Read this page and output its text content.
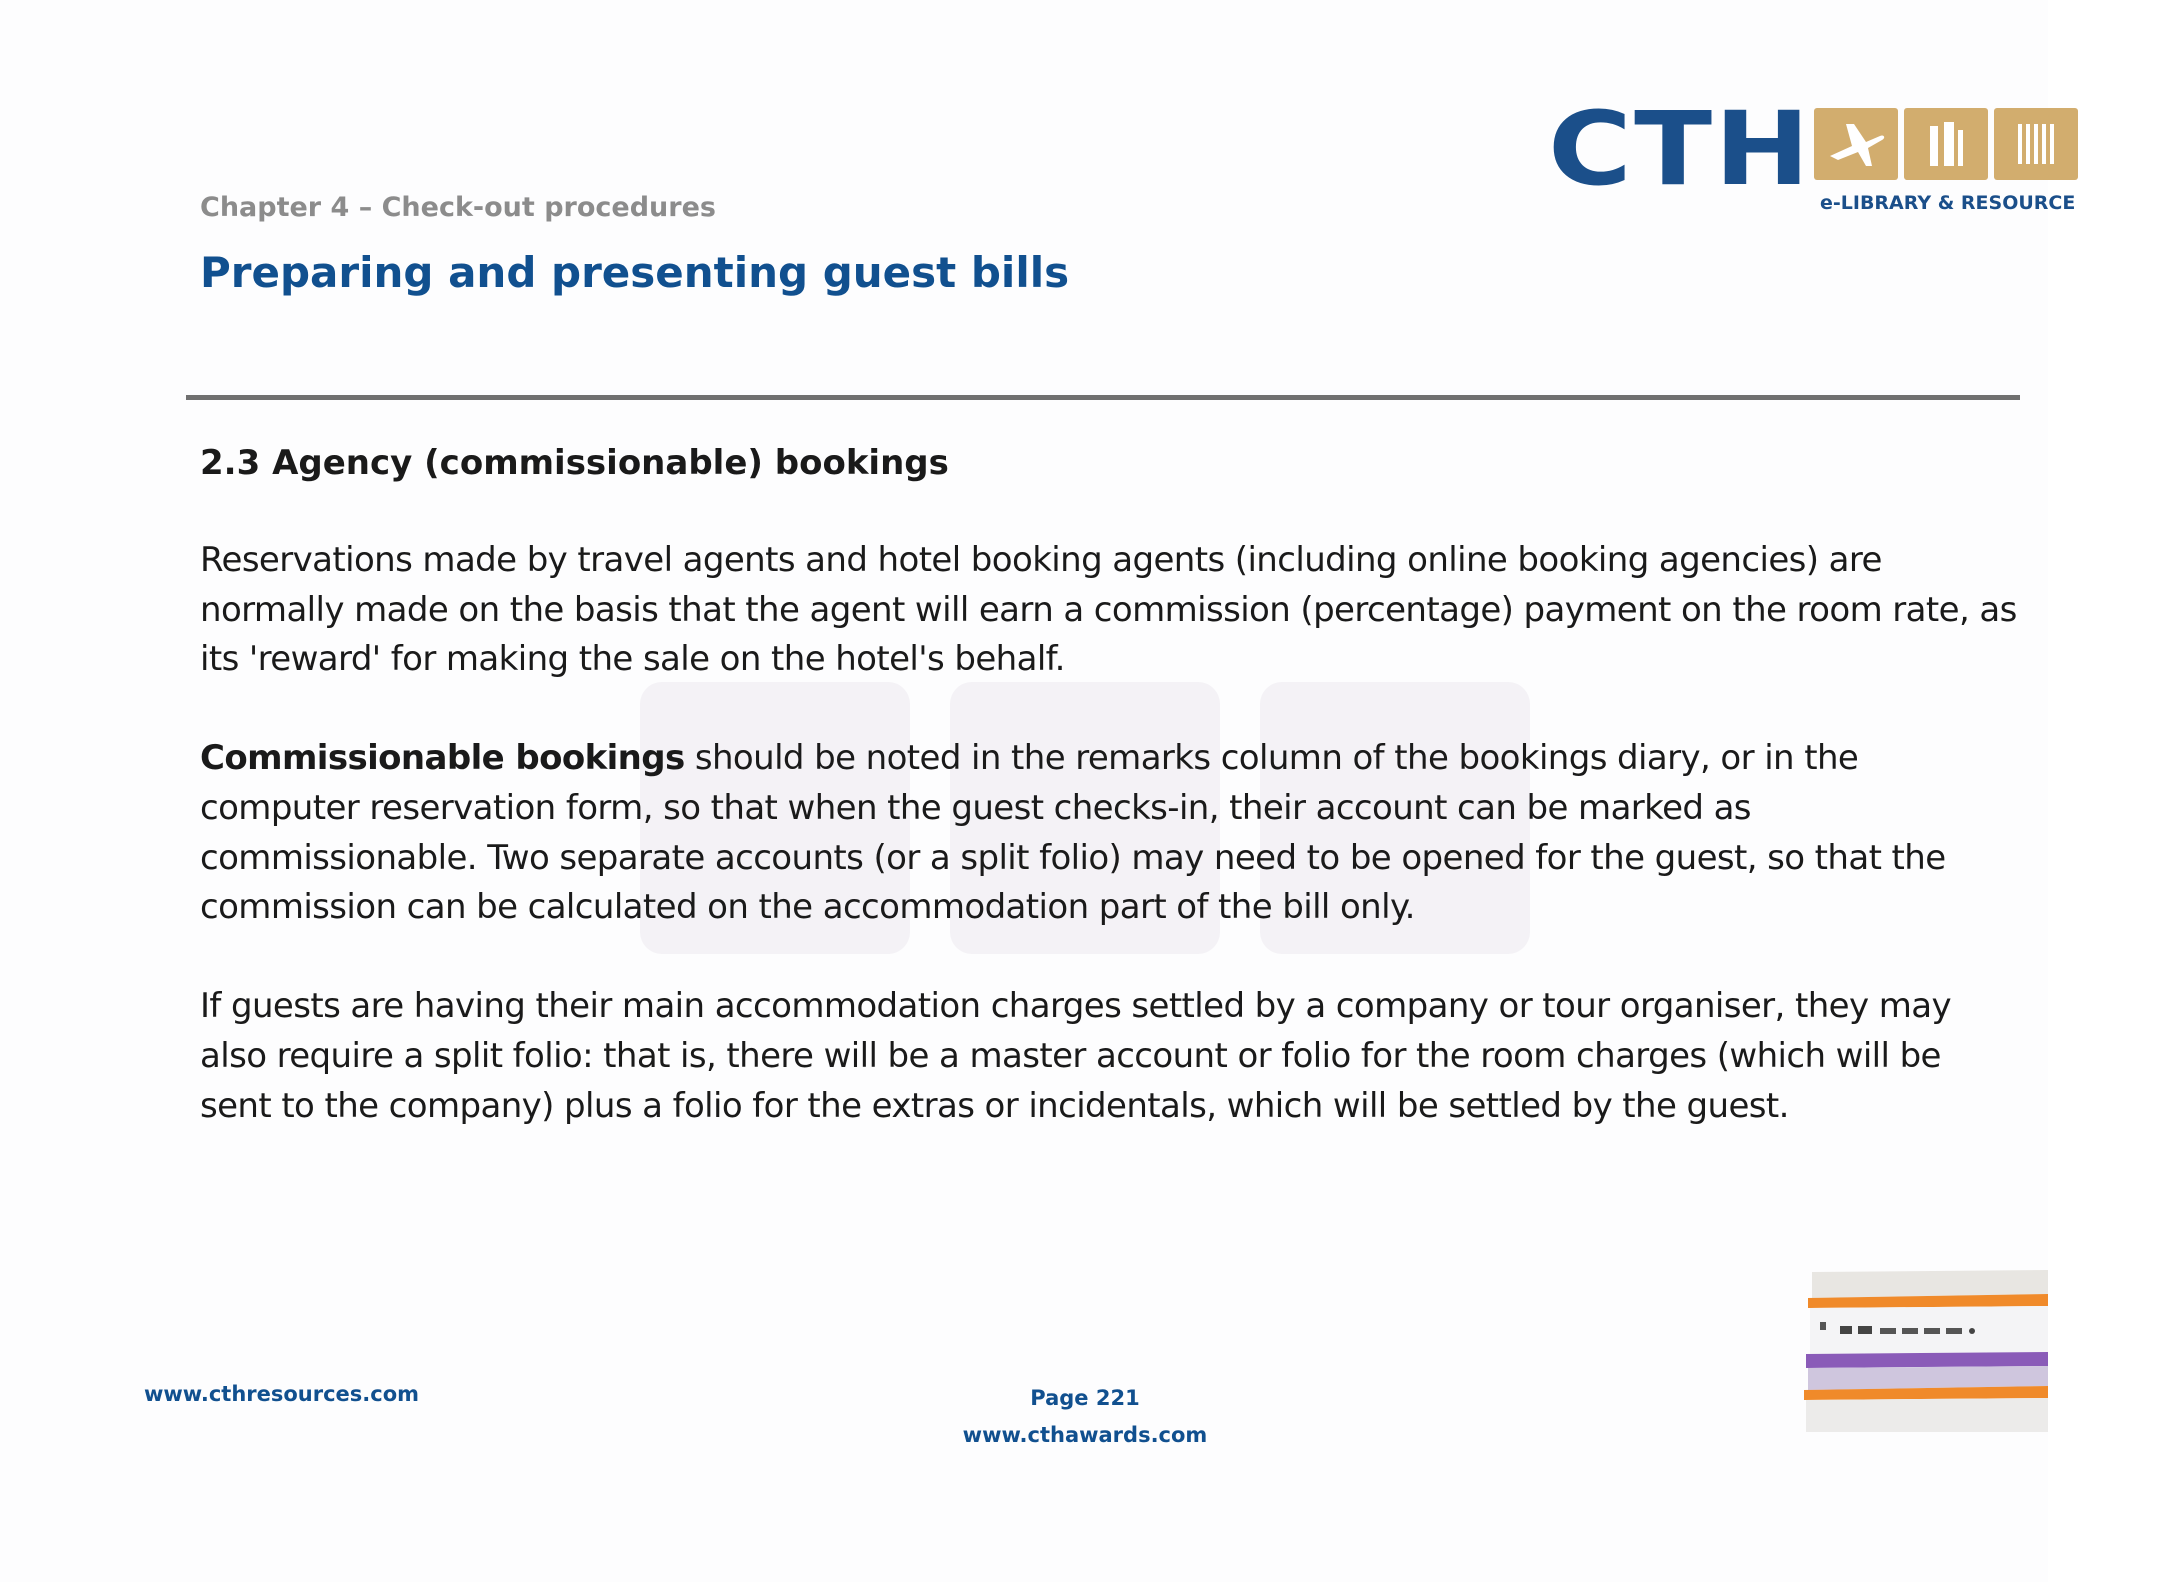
CTH e-LIBRARY & RESOURCE
Chapter 4 – Check-out procedures
Preparing and presenting guest bills
2.3 Agency (commissionable) bookings

Reservations made by travel agents and hotel booking agents (including online booking agencies) are normally made on the basis that the agent will earn a commission (percentage) payment on the room rate, as its 'reward' for making the sale on the hotel's behalf.

Commissionable bookings should be noted in the remarks column of the bookings diary, or in the computer reservation form, so that when the guest checks-in, their account can be marked as commissionable. Two separate accounts (or a split folio) may need to be opened for the guest, so that the commission can be calculated on the accommodation part of the bill only.

If guests are having their main accommodation charges settled by a company or tour organiser, they may also require a split folio: that is, there will be a master account or folio for the room charges (which will be sent to the company) plus a folio for the extras or incidentals, which will be settled by the guest.

www.cthresources.com	Page 221
www.cthawards.com
